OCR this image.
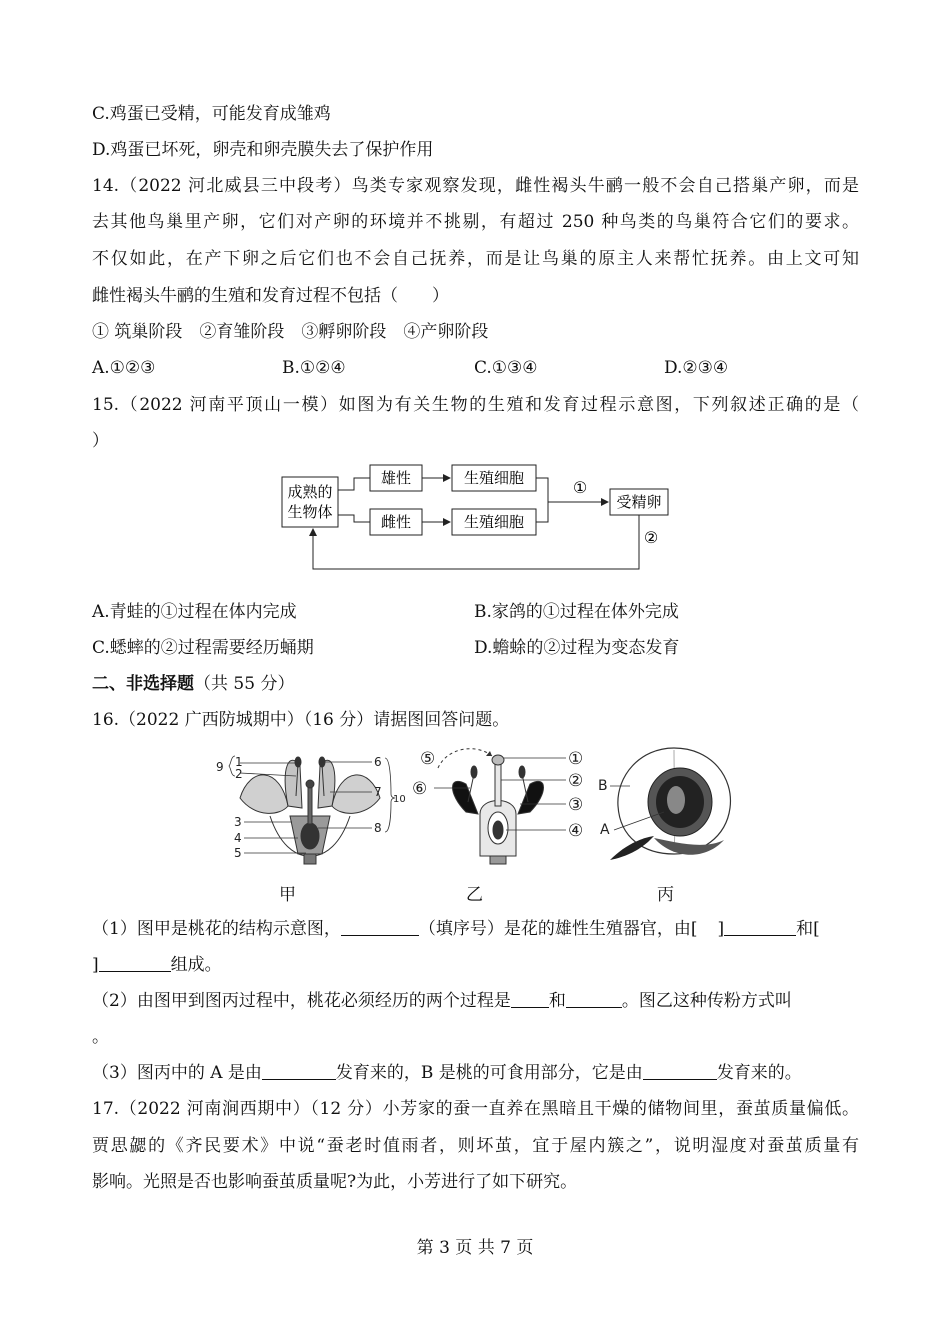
C.鸡蛋已受精，可能发育成雏鸡
D.鸡蛋已坏死，卵壳和卵壳膜失去了保护作用
14.（2022 河北威县三中段考）鸟类专家观察发现，雌性褐头牛鹂一般不会自己搭巢产卵，而是
去其他鸟巢里产卵，它们对产卵的环境并不挑剔，有超过 250 种鸟类的鸟巢符合它们的要求。
不仅如此，在产下卵之后它们也不会自己抚养，而是让鸟巢的原主人来帮忙抚养。由上文可知
雌性褐头牛鹂的生殖和发育过程不包括（　　）
① 筑巢阶段　②育雏阶段　③孵卵阶段　④产卵阶段
A.①②③	B.①②④	C.①③④	D.②③④
15.（2022 河南平顶山一模）如图为有关生物的生殖和发育过程示意图，下列叙述正确的是（
）
成熟的
生物体
雄性
雌性
生殖细胞
生殖细胞
受精卵
①
②
A.青蛙的①过程在体内完成	B.家鸽的①过程在体外完成
C.蟋蟀的②过程需要经历蛹期	D.蟾蜍的②过程为变态发育
二、非选择题（共 55 分）
16.（2022 广西防城期中）（16 分）请据图回答问题。
9 1
2
3
4
5
6
7
8
10
⑤
⑥
①
②
③
④
B
A
甲	乙	丙
（1）图甲是桃花的结构示意图，	（填序号）是花的雄性生殖器官，由[ ]	和[
]	组成。
（2）由图甲到图丙过程中，桃花必须经历的两个过程是 和	。图乙这种传粉方式叫
。
（3）图丙中的 A 是由	发育来的，B 是桃的可食用部分，它是由	发育来的。
17.（2022 河南涧西期中）（12 分）小芳家的蚕一直养在黑暗且干燥的储物间里，蚕茧质量偏低。
贾思勰的《齐民要术》中说“蚕老时值雨者，则坏茧，宜于屋内簇之”，说明湿度对蚕茧质量有
影响。光照是否也影响蚕茧质量呢?为此，小芳进行了如下研究。
第 3 页 共 7 页
